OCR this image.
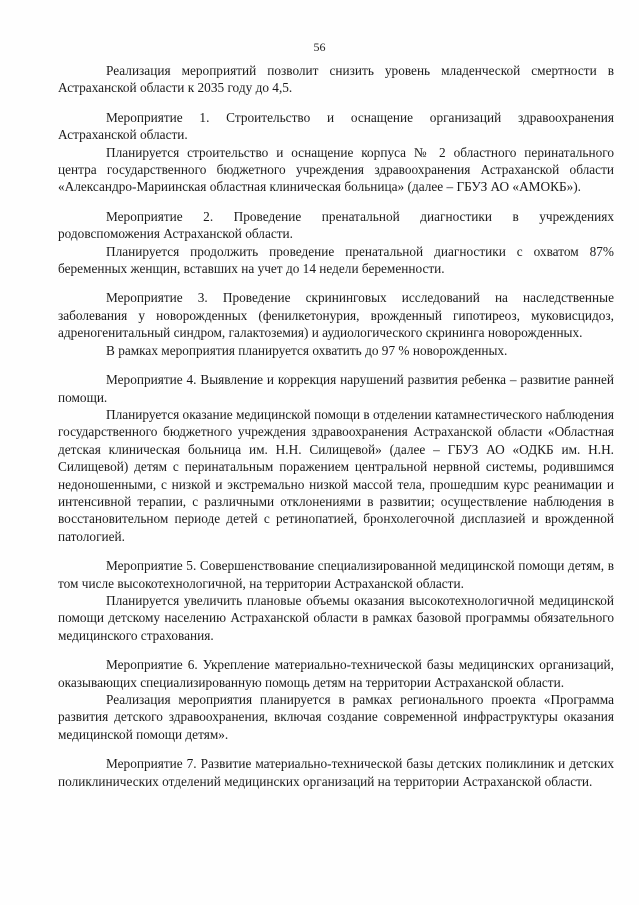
56

Реализация мероприятий позволит снизить уровень младенческой смертности в Астраханской области к 2035 году до 4,5.

Мероприятие 1. Строительство и оснащение организаций здравоохранения Астраханской области.

Планируется строительство и оснащение корпуса № 2 областного перинатального центра государственного бюджетного учреждения здравоохранения Астраханской области «Александро-Мариинская областная клиническая больница» (далее – ГБУЗ АО «АМОКБ»).

Мероприятие 2. Проведение пренатальной диагностики в учреждениях родовспоможения Астраханской области.

Планируется продолжить проведение пренатальной диагностики с охватом 87% беременных женщин, вставших на учет до 14 недели беременности.

Мероприятие 3. Проведение скрининговых исследований на наследственные заболевания у новорожденных (фенилкетонурия, врожденный гипотиреоз, муковисцидоз, адреногенитальный синдром, галактоземия) и аудиологического скрининга новорожденных.

В рамках мероприятия планируется охватить до 97 % новорожденных.

Мероприятие 4. Выявление и коррекция нарушений развития ребенка – развитие ранней помощи.

Планируется оказание медицинской помощи в отделении катамнестического наблюдения государственного бюджетного учреждения здравоохранения Астраханской области «Областная детская клиническая больница им. Н.Н. Силищевой» (далее – ГБУЗ АО «ОДКБ им. Н.Н. Силищевой) детям с перинатальным поражением центральной нервной системы, родившимся недоношенными, с низкой и экстремально низкой массой тела, прошедшим курс реанимации и интенсивной терапии, с различными отклонениями в развитии; осуществление наблюдения в восстановительном периоде детей с ретинопатией, бронхолегочной дисплазией и врожденной патологией.

Мероприятие 5. Совершенствование специализированной медицинской помощи детям, в том числе высокотехнологичной, на территории Астраханской области.

Планируется увеличить плановые объемы оказания высокотехнологичной медицинской помощи детскому населению Астраханской области в рамках базовой программы обязательного медицинского страхования.

Мероприятие 6. Укрепление материально-технической базы медицинских организаций, оказывающих специализированную помощь детям на территории Астраханской области.

Реализация мероприятия планируется в рамках регионального проекта «Программа развития детского здравоохранения, включая создание современной инфраструктуры оказания медицинской помощи детям».

Мероприятие 7. Развитие материально-технической базы детских поликлиник и детских поликлинических отделений медицинских организаций на территории Астраханской области.
